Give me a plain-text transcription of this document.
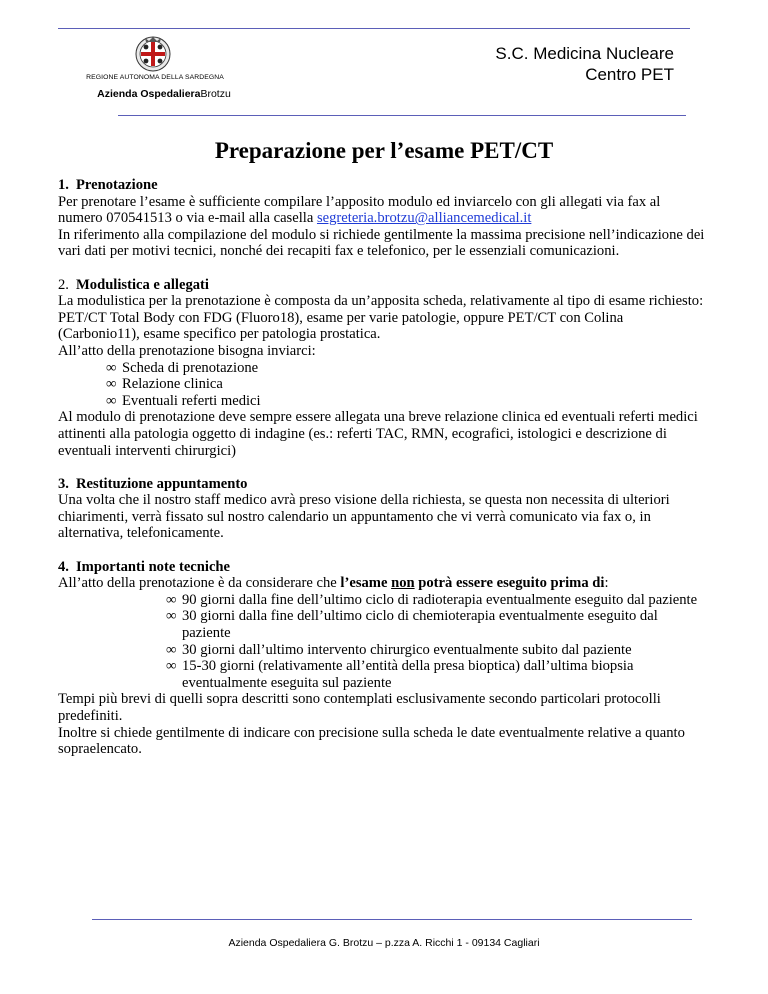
REGIONE AUTONOMA DELLA SARDEGNA
Azienda OspedalieraBrotzu
S.C. Medicina Nucleare
Centro PET
Preparazione per l’esame PET/CT

1. Prenotazione

Per prenotare l’esame è sufficiente compilare l’apposito modulo ed inviarcelo con gli allegati via fax al numero 070541513 o via e-mail alla casella segreteria.brotzu@alliancemedical.it

In riferimento alla compilazione del modulo si richiede gentilmente la massima precisione nell’indicazione dei vari dati per motivi tecnici, nonché dei recapiti fax e telefonico, per le essenziali comunicazioni.

2. Modulistica e allegati

La modulistica per la prenotazione è composta da un’apposita scheda, relativamente al tipo di esame richiesto: PET/CT Total Body con FDG (Fluoro18), esame per varie patologie, oppure PET/CT con Colina (Carbonio11), esame specifico per patologia prostatica.

All’atto della prenotazione bisogna inviarci:

∞ Scheda di prenotazione
∞ Relazione clinica
∞ Eventuali referti medici

Al modulo di prenotazione deve sempre essere allegata una breve relazione clinica ed eventuali referti medici attinenti alla patologia oggetto di indagine (es.: referti TAC, RMN, ecografici, istologici e descrizione di eventuali interventi chirurgici)

3. Restituzione appuntamento

Una volta che il nostro staff medico avrà preso visione della richiesta, se questa non necessita di ulteriori chiarimenti, verrà fissato sul nostro calendario un appuntamento che vi verrà comunicato via fax o, in alternativa, telefonicamente.

4. Importanti note tecniche

All’atto della prenotazione è da considerare che l’esame non potrà essere eseguito prima di:

∞ 90 giorni dalla fine dell’ultimo ciclo di radioterapia eventualmente eseguito dal paziente
∞ 30 giorni dalla fine dell’ultimo ciclo di chemioterapia eventualmente eseguito dal paziente
∞ 30 giorni dall’ultimo intervento chirurgico eventualmente subito dal paziente
∞ 15-30 giorni (relativamente all’entità della presa bioptica) dall’ultima biopsia eventualmente eseguita sul paziente

Tempi più brevi di quelli sopra descritti sono contemplati esclusivamente secondo particolari protocolli predefiniti.

Inoltre si chiede gentilmente di indicare con precisione sulla scheda le date eventualmente relative a quanto sopraelencato.

Azienda Ospedaliera G. Brotzu – p.zza A. Ricchi 1 - 09134 Cagliari
